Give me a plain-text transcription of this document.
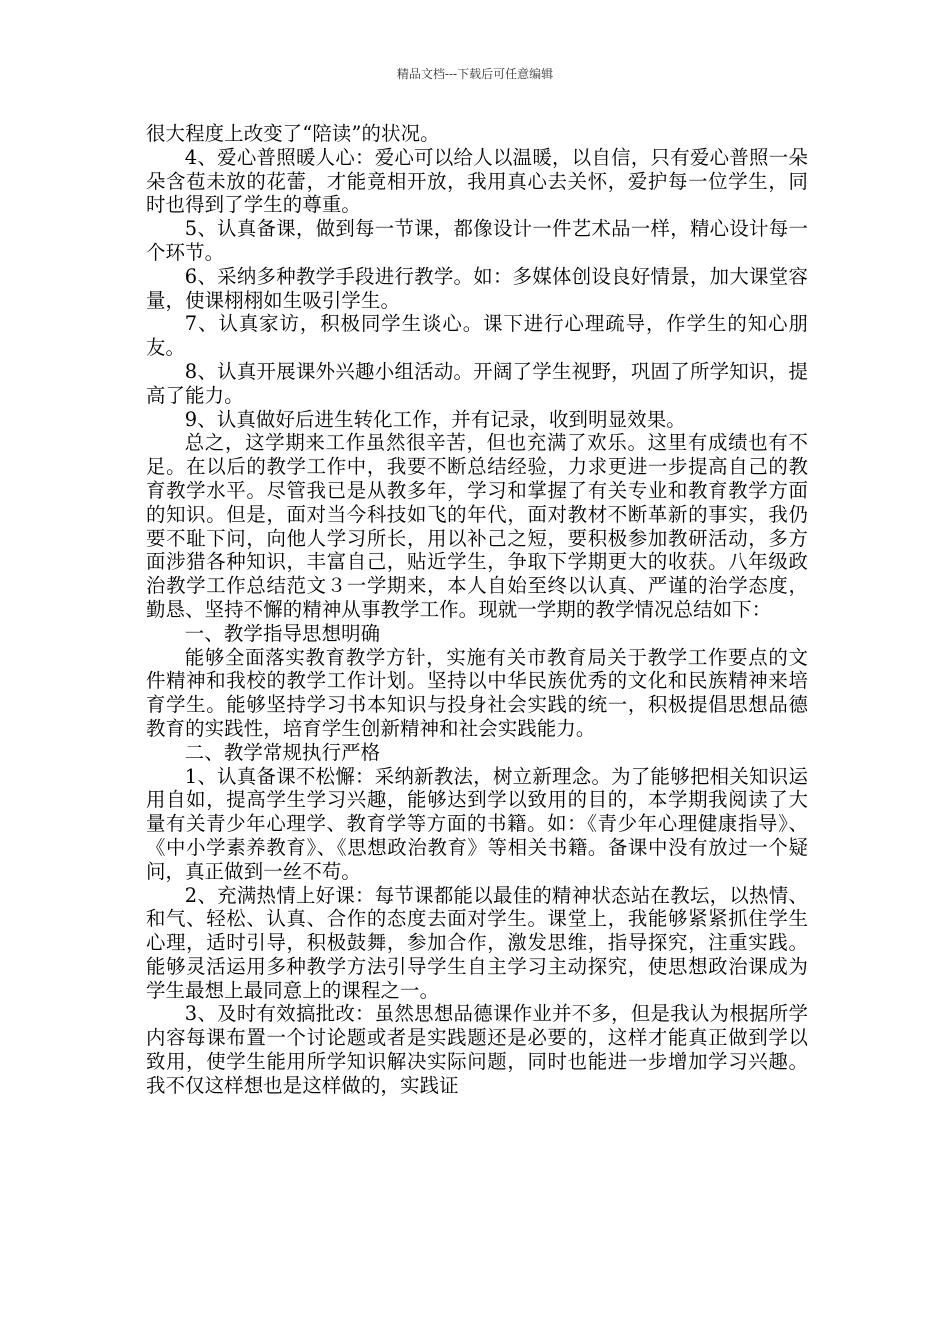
精品文档---下载后可任意编辑

很大程度上改变了“陪读”的状况。

4、爱心普照暖人心：爱心可以给人以温暖，以自信，只有爱心普照一朵朵含苞未放的花蕾，才能竟相开放，我用真心去关怀，爱护每一位学生，同时也得到了学生的尊重。

5、认真备课，做到每一节课，都像设计一件艺术品一样，精心设计每一个环节。

6、采纳多种教学手段进行教学。如：多媒体创设良好情景，加大课堂容量，使课栩栩如生吸引学生。

7、认真家访，积极同学生谈心。课下进行心理疏导，作学生的知心朋友。

8、认真开展课外兴趣小组活动。开阔了学生视野，巩固了所学知识，提高了能力。

9、认真做好后进生转化工作，并有记录，收到明显效果。

总之，这学期来工作虽然很辛苦，但也充满了欢乐。这里有成绩也有不足。在以后的教学工作中，我要不断总结经验，力求更进一步提高自己的教育教学水平。尽管我已是从教多年，学习和掌握了有关专业和教育教学方面的知识。但是，面对当今科技如飞的年代，面对教材不断革新的事实，我仍要不耻下问，向他人学习所长，用以补己之短，要积极参加教研活动，多方面涉猎各种知识，丰富自己，贴近学生，争取下学期更大的收获。八年级政治教学工作总结范文３一学期来，本人自始至终以认真、严谨的治学态度，勤恳、坚持不懈的精神从事教学工作。现就一学期的教学情况总结如下：

一、教学指导思想明确

能够全面落实教育教学方针，实施有关市教育局关于教学工作要点的文件精神和我校的教学工作计划。坚持以中华民族优秀的文化和民族精神来培育学生。能够坚持学习书本知识与投身社会实践的统一，积极提倡思想品德教育的实践性，培育学生创新精神和社会实践能力。

二、教学常规执行严格

1、认真备课不松懈：采纳新教法，树立新理念。为了能够把相关知识运用自如，提高学生学习兴趣，能够达到学以致用的目的，本学期我阅读了大量有关青少年心理学、教育学等方面的书籍。如：《青少年心理健康指导》、《中小学素养教育》、《思想政治教育》等相关书籍。备课中没有放过一个疑问，真正做到一丝不苟。

2、充满热情上好课：每节课都能以最佳的精神状态站在教坛，以热情、和气、轻松、认真、合作的态度去面对学生。课堂上，我能够紧紧抓住学生心理，适时引导，积极鼓舞，参加合作，激发思维，指导探究，注重实践。能够灵活运用多种教学方法引导学生自主学习主动探究，使思想政治课成为学生最想上最同意上的课程之一。

3、及时有效搞批改：虽然思想品德课作业并不多，但是我认为根据所学内容每课布置一个讨论题或者是实践题还是必要的，这样才能真正做到学以致用，使学生能用所学知识解决实际问题，同时也能进一步增加学习兴趣。我不仅这样想也是这样做的，实践证
